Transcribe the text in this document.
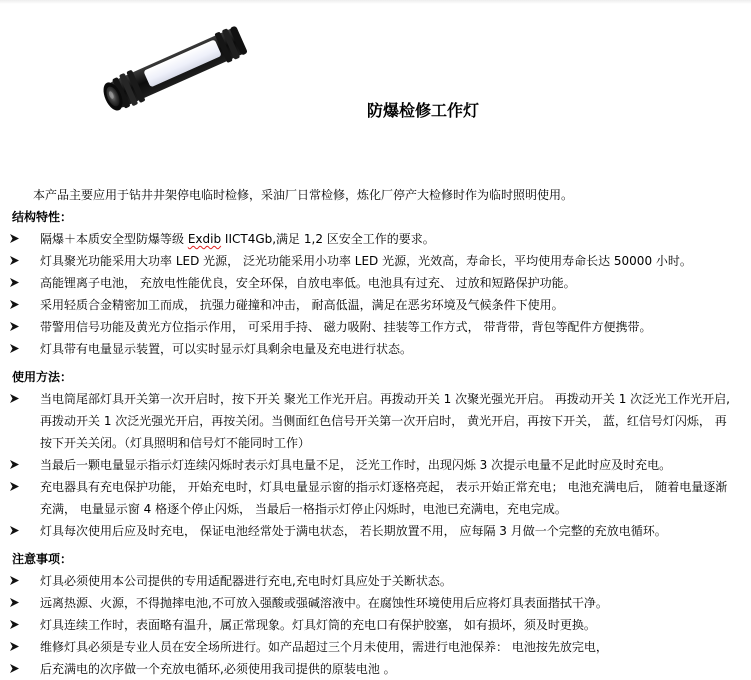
防爆检修工作灯
本产品主要应用于钻井井架停电临时检修，采油厂日常检修，炼化厂停产大检修时作为临时照明使用。
结构特性：
隔爆＋本质安全型防爆等级 Exdib IICT4Gb,满足 1,2 区安全工作的要求。
灯具聚光功能采用大功率 LED 光源， 泛光功能采用小功率 LED 光源，光效高，寿命长，平均使用寿命长达 50000 小时。
高能锂离子电池， 充放电性能优良，安全环保，自放电率低。电池具有过充、 过放和短路保护功能。
采用轻质合金精密加工而成， 抗强力碰撞和冲击， 耐高低温，满足在恶劣环境及气候条件下使用。
带警用信号功能及黄光方位指示作用， 可采用手持、 磁力吸附、挂装等工作方式， 带背带，背包等配件方便携带。
灯具带有电量显示装置，可以实时显示灯具剩余电量及充电进行状态。
使用方法：
当电筒尾部灯具开关第一次开启时，按下开关 聚光工作光开启。再拨动开关 1 次聚光强光开启。 再拨动开关 1 次泛光工作光开启,
再拨动开关 1 次泛光强光开启，再按关闭。当侧面红色信号开关第一次开启时， 黄光开启，再按下开关， 蓝，红信号灯闪烁， 再
按下开关关闭。（灯具照明和信号灯不能同时工作）
当最后一颗电量显示指示灯连续闪烁时表示灯具电量不足， 泛光工作时，出现闪烁 3 次提示电量不足此时应及时充电。
充电器具有充电保护功能， 开始充电时，灯具电量显示窗的指示灯逐格亮起， 表示开始正常充电； 电池充满电后， 随着电量逐渐
充满， 电量显示窗 4 格逐个停止闪烁， 当最后一格指示灯停止闪烁时，电池已充满电，充电完成。
灯具每次使用后应及时充电， 保证电池经常处于满电状态， 若长期放置不用， 应每隔 3 月做一个完整的充放电循环。
注意事项：
灯具必须使用本公司提供的专用适配器进行充电,充电时灯具应处于关断状态。
远离热源、火源，不得抛摔电池,不可放入强酸或强碱溶液中。在腐蚀性环境使用后应将灯具表面揩拭干净。
灯具连续工作时，表面略有温升，属正常现象。灯具灯筒的充电口有保护胶塞， 如有损坏，须及时更换。
维修灯具必须是专业人员在安全场所进行。如产品超过三个月未使用，需进行电池保养： 电池按先放完电，
后充满电的次序做一个充放电循环,必须使用我司提供的原装电池 。
